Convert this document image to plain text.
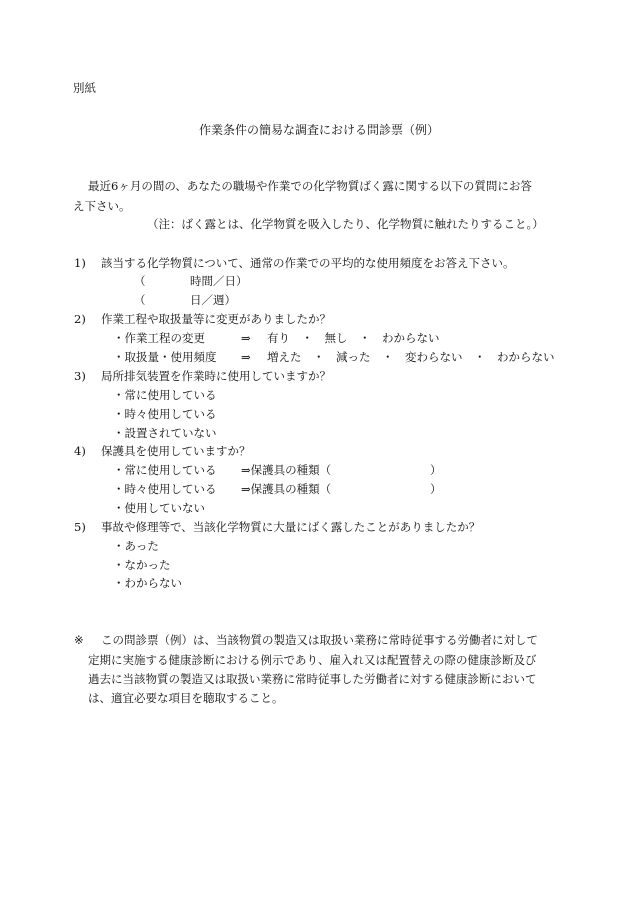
別紙
作業条件の簡易な調査における問診票（例）
最近6ヶ月の間の、あなたの職場や作業での化学物質ばく露に関する以下の質問にお答
え下さい。
（注：ばく露とは、化学物質を吸入したり、化学物質に触れたりすること。）
1) 該当する化学物質について、通常の作業での平均的な使用頻度をお答え下さい。
（	時間／日）
（	日／週）
2) 作業工程や取扱量等に変更がありましたか？
・作業工程の変更	⇒ 有り　・　無し　・　わからない
・取扱量・使用頻度 ⇒ 増えた　・　減った　・　変わらない　・　わからない
3) 局所排気装置を作業時に使用していますか？
・常に使用している
・時々使用している
・設置されていない
4) 保護具を使用していますか？
・常に使用している ⇒保護具の種類（	）
・時々使用している ⇒保護具の種類（	）
・使用していない
5) 事故や修理等で、当該化学物質に大量にばく露したことがありましたか？
・あった
・なかった
・わからない
※ この問診票（例）は、当該物質の製造又は取扱い業務に常時従事する労働者に対して
定期に実施する健康診断における例示であり、雇入れ又は配置替えの際の健康診断及び
過去に当該物質の製造又は取扱い業務に常時従事した労働者に対する健康診断において
は、適宜必要な項目を聴取すること。
